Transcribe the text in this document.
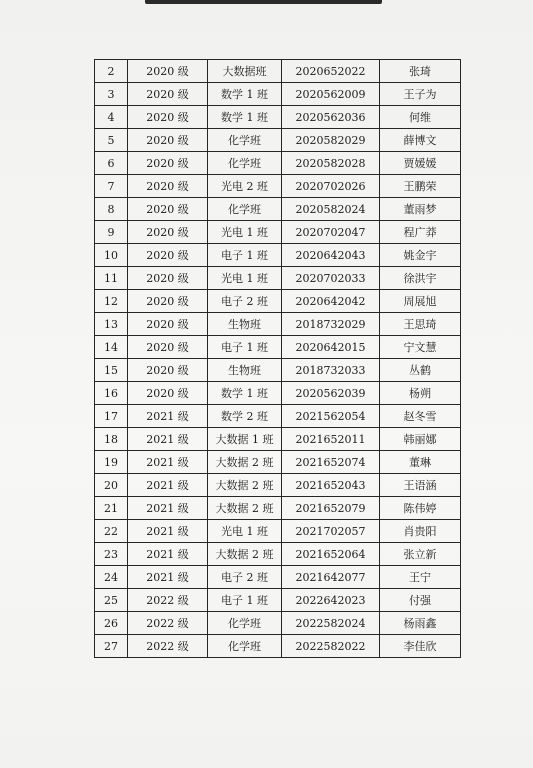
2	2020 级	大数据班	2020652022	张琦
3	2020 级	数学 1 班	2020562009	王子为
4	2020 级	数学 1 班	2020562036	何维
5	2020 级	化学班	2020582029	薛博文
6	2020 级	化学班	2020582028	贾媛媛
7	2020 级	光电 2 班	2020702026	王鹏荣
8	2020 级	化学班	2020582024	董雨梦
9	2020 级	光电 1 班	2020702047	程广莽
10	2020 级	电子 1 班	2020642043	姚金宇
11	2020 级	光电 1 班	2020702033	徐洪宇
12	2020 级	电子 2 班	2020642042	周展旭
13	2020 级	生物班	2018732029	王思琦
14	2020 级	电子 1 班	2020642015	宁文慧
15	2020 级	生物班	2018732033	丛鹤
16	2020 级	数学 1 班	2020562039	杨朔
17	2021 级	数学 2 班	2021562054	赵冬雪
18	2021 级	大数据 1 班	2021652011	韩丽娜
19	2021 级	大数据 2 班	2021652074	董琳
20	2021 级	大数据 2 班	2021652043	王语涵
21	2021 级	大数据 2 班	2021652079	陈伟婷
22	2021 级	光电 1 班	2021702057	肖贵阳
23	2021 级	大数据 2 班	2021652064	张立新
24	2021 级	电子 2 班	2021642077	王宁
25	2022 级	电子 1 班	2022642023	付强
26	2022 级	化学班	2022582024	杨雨鑫
27	2022 级	化学班	2022582022	李佳欣
